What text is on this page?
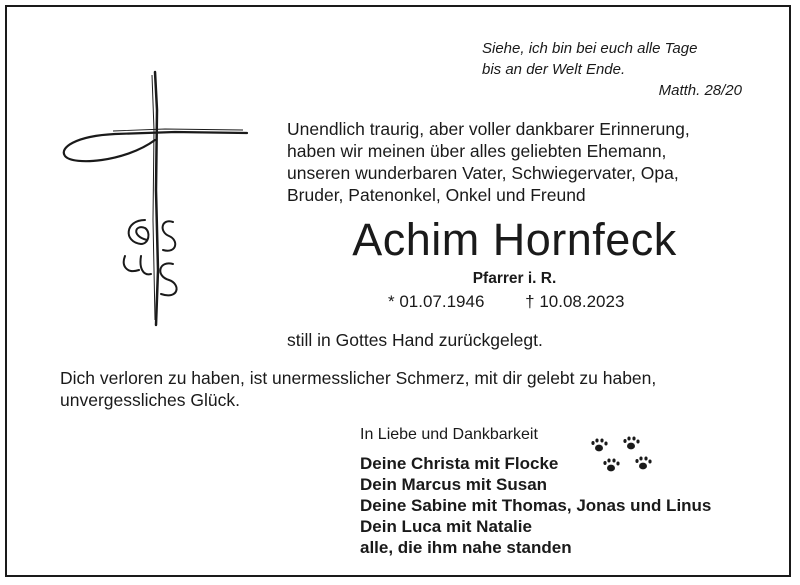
Siehe, ich bin bei euch alle Tage
bis an der Welt Ende.
Matth. 28/20
Unendlich traurig, aber voller dankbarer Erinnerung,
haben wir meinen über alles geliebten Ehemann,
unseren wunderbaren Vater, Schwiegervater, Opa,
Bruder, Patenonkel, Onkel und Freund
Achim Hornfeck
Pfarrer i. R.
* 01.07.1946 † 10.08.2023
still in Gottes Hand zurückgelegt.
Dich verloren zu haben, ist unermesslicher Schmerz, mit dir gelebt zu haben,
unvergessliches Glück.
In Liebe und Dankbarkeit
Deine Christa mit Flocke
Dein Marcus mit Susan
Deine Sabine mit Thomas, Jonas und Linus
Dein Luca mit Natalie
alle, die ihm nahe standen
